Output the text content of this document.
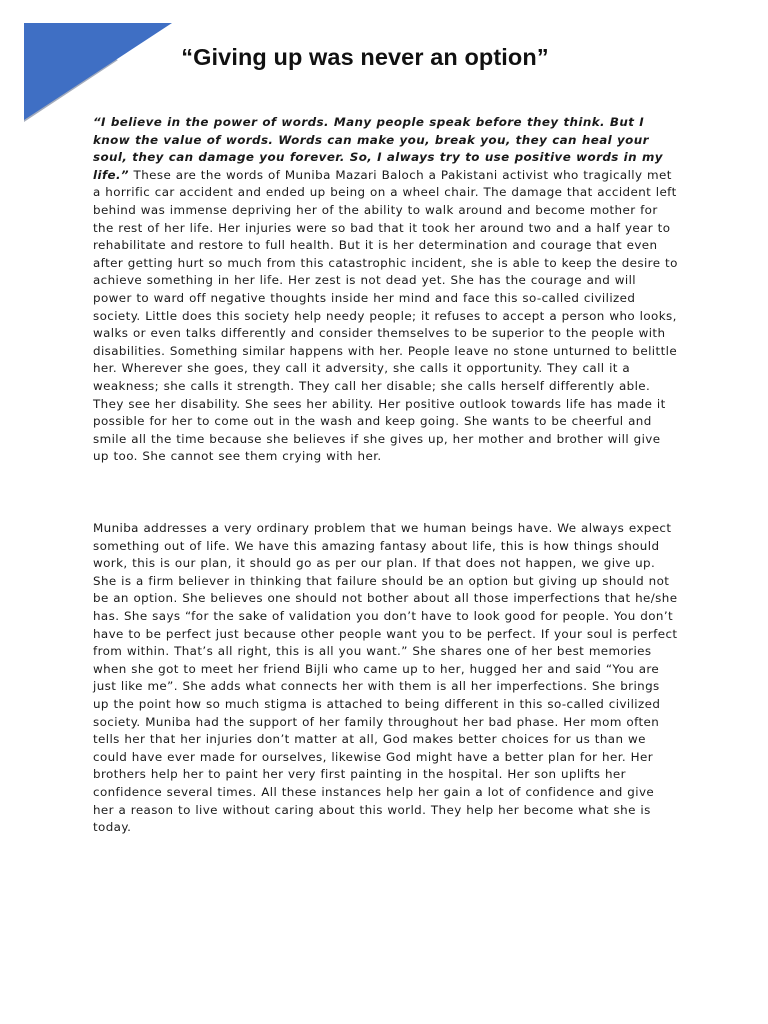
“Giving up was never an option”

“I believe in the power of words. Many people speak before they think. But I know the value of words. Words can make you, break you, they can heal your soul, they can damage you forever. So, I always try to use positive words in my life.” These are the words of Muniba Mazari Baloch a Pakistani activist who tragically met a horrific car accident and ended up being on a wheel chair. The damage that accident left behind was immense depriving her of the ability to walk around and become mother for the rest of her life. Her injuries were so bad that it took her around two and a half year to rehabilitate and restore to full health. But it is her determination and courage that even after getting hurt so much from this catastrophic incident, she is able to keep the desire to achieve something in her life. Her zest is not dead yet. She has the courage and will power to ward off negative thoughts inside her mind and face this so-called civilized society. Little does this society help needy people; it refuses to accept a person who looks, walks or even talks differently and consider themselves to be superior to the people with disabilities. Something similar happens with her. People leave no stone unturned to belittle her. Wherever she goes, they call it adversity, she calls it opportunity. They call it a weakness; she calls it strength. They call her disable; she calls herself differently able. They see her disability. She sees her ability. Her positive outlook towards life has made it possible for her to come out in the wash and keep going. She wants to be cheerful and smile all the time because she believes if she gives up, her mother and brother will give up too. She cannot see them crying with her.

Muniba addresses a very ordinary problem that we human beings have. We always expect something out of life. We have this amazing fantasy about life, this is how things should work, this is our plan, it should go as per our plan. If that does not happen, we give up. She is a firm believer in thinking that failure should be an option but giving up should not be an option. She believes one should not bother about all those imperfections that he/she has. She says “for the sake of validation you don’t have to look good for people. You don’t have to be perfect just because other people want you to be perfect. If your soul is perfect from within. That’s all right, this is all you want.” She shares one of her best memories when she got to meet her friend Bijli who came up to her, hugged her and said “You are just like me”. She adds what connects her with them is all her imperfections. She brings up the point how so much stigma is attached to being different in this so-called civilized society. Muniba had the support of her family throughout her bad phase. Her mom often tells her that her injuries don’t matter at all, God makes better choices for us than we could have ever made for ourselves, likewise God might have a better plan for her. Her brothers help her to paint her very first painting in the hospital. Her son uplifts her confidence several times. All these instances help her gain a lot of confidence and give her a reason to live without caring about this world. They help her become what she is today.
